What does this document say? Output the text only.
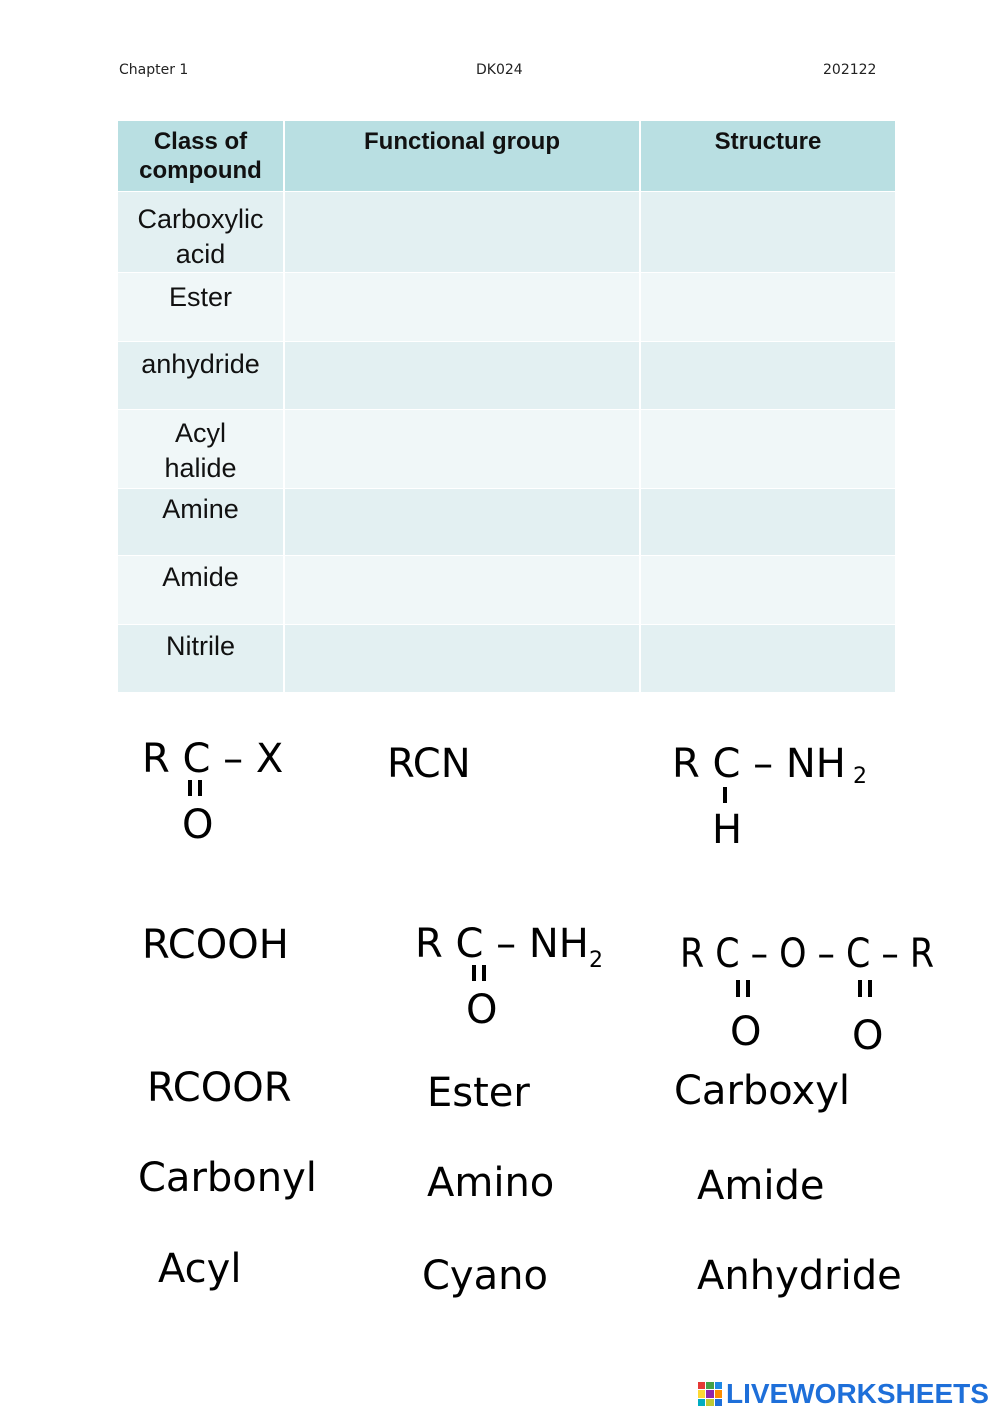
Chapter 1	DK024	202122
Class of compound	Functional group	Structure
Carboxylic acid		
Ester		
anhydride		
Acyl halide		
Amine		
Amide		
Nitrile		
R C – X
O
RCN	R C – NH 2
H
RCOOH	R C – NH 2
O
R C – O – C – R
O O
RCOOR	Ester	Carboxyl
Carbonyl	Amino	Amide
Acyl	Cyano	Anhydride
LIVEWORKSHEETS
